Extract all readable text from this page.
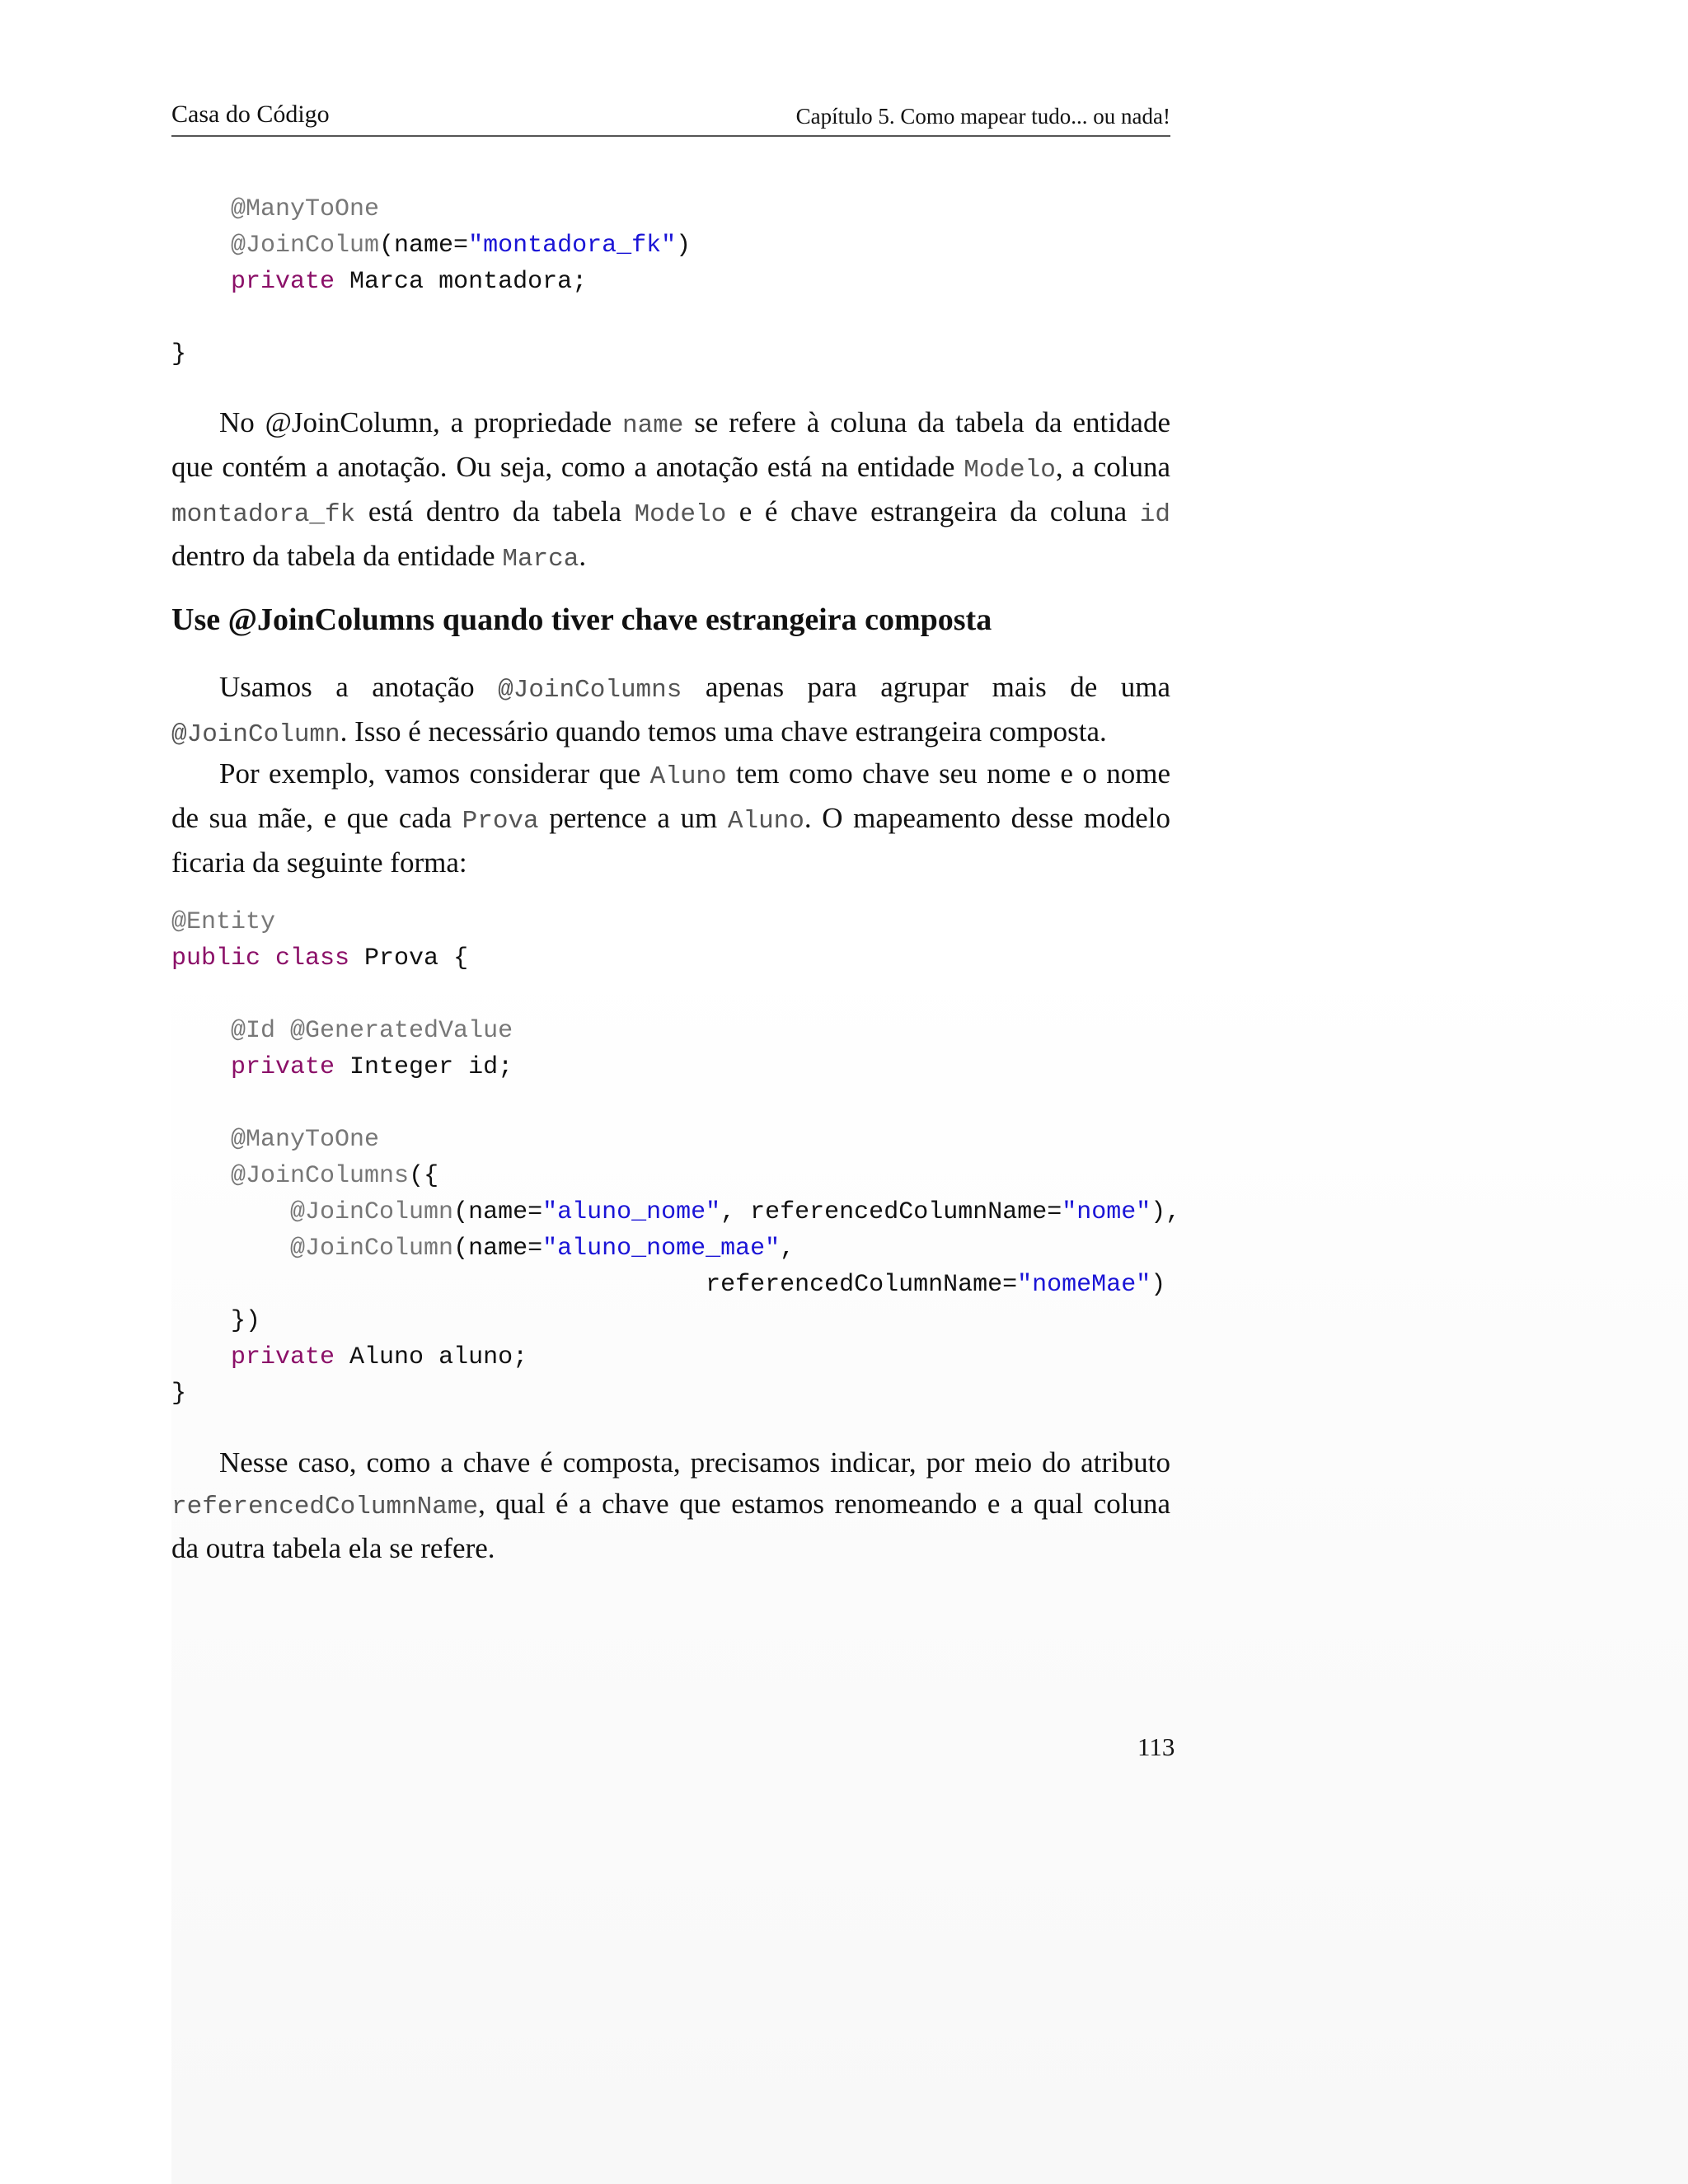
Casa do Código	Capítulo 5. Como mapear tudo... ou nada!
@ManyToOne
@JoinColum(name="montadora_fk")
private Marca montadora;
}

No @JoinColumn, a propriedade name se refere à coluna da tabela da entidade que contém a anotação. Ou seja, como a anotação está na entidade Modelo, a coluna montadora_fk está dentro da tabela Modelo e é chave estrangeira da coluna id dentro da tabela da entidade Marca.

Use @JoinColumns quando tiver chave estrangeira composta

Usamos a anotação @JoinColumns apenas para agrupar mais de uma @JoinColumn. Isso é necessário quando temos uma chave estrangeira composta.

Por exemplo, vamos considerar que Aluno tem como chave seu nome e o nome de sua mãe, e que cada Prova pertence a um Aluno. O mapeamento desse modelo ficaria da seguinte forma:

@Entity
public class Prova {
@Id @GeneratedValue
private Integer id;
@ManyToOne
@JoinColumns({
@JoinColumn(name="aluno_nome", referencedColumnName="nome"),
@JoinColumn(name="aluno_nome_mae",
referencedColumnName="nomeMae")
})
private Aluno aluno;
}

Nesse caso, como a chave é composta, precisamos indicar, por meio do atributo referencedColumnName, qual é a chave que estamos renomeando e a qual coluna da outra tabela ela se refere.

113
